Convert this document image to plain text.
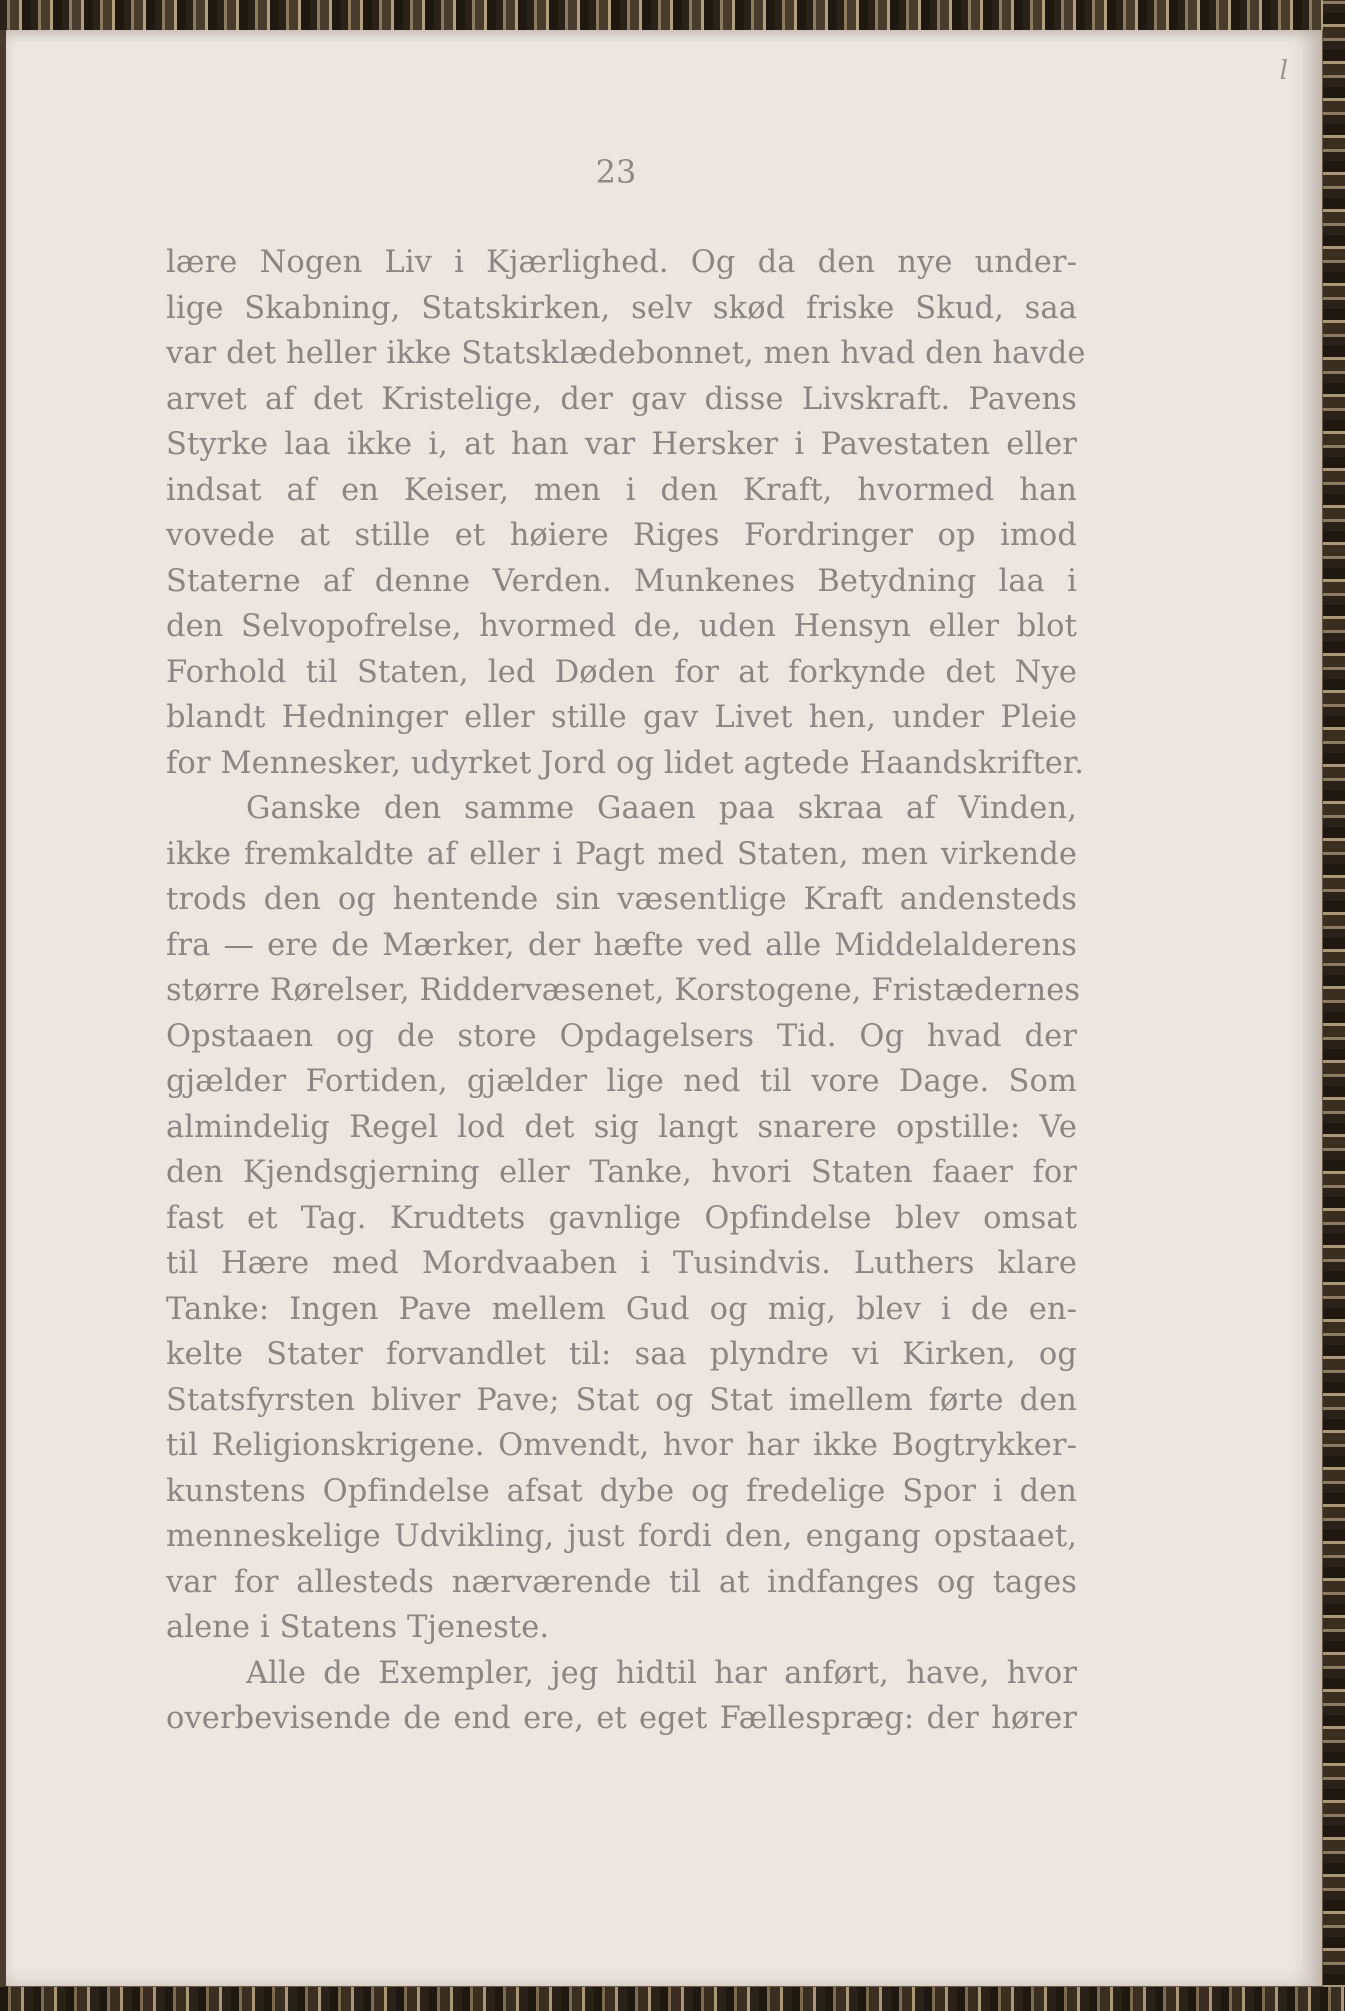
l
23
lære Nogen Liv i Kjærlighed. Og da den nye under-
lige Skabning, Statskirken, selv skød friske Skud, saa
var det heller ikke Statsklædebonnet, men hvad den havde
arvet af det Kristelige, der gav disse Livskraft. Pavens
Styrke laa ikke i, at han var Hersker i Pavestaten eller
indsat af en Keiser, men i den Kraft, hvormed han
vovede at stille et høiere Riges Fordringer op imod
Staterne af denne Verden. Munkenes Betydning laa i
den Selvopofrelse, hvormed de, uden Hensyn eller blot
Forhold til Staten, led Døden for at forkynde det Nye
blandt Hedninger eller stille gav Livet hen, under Pleie
for Mennesker, udyrket Jord og lidet agtede Haandskrifter.
Ganske den samme Gaaen paa skraa af Vinden,
ikke fremkaldte af eller i Pagt med Staten, men virkende
trods den og hentende sin væsentlige Kraft andensteds
fra — ere de Mærker, der hæfte ved alle Middelalderens
større Rørelser, Riddervæsenet, Korstogene, Fristædernes
Opstaaen og de store Opdagelsers Tid. Og hvad der
gjælder Fortiden, gjælder lige ned til vore Dage. Som
almindelig Regel lod det sig langt snarere opstille: Ve
den Kjendsgjerning eller Tanke, hvori Staten faaer for
fast et Tag. Krudtets gavnlige Opfindelse blev omsat
til Hære med Mordvaaben i Tusindvis. Luthers klare
Tanke: Ingen Pave mellem Gud og mig, blev i de en-
kelte Stater forvandlet til: saa plyndre vi Kirken, og
Statsfyrsten bliver Pave; Stat og Stat imellem førte den
til Religionskrigene. Omvendt, hvor har ikke Bogtrykker-
kunstens Opfindelse afsat dybe og fredelige Spor i den
menneskelige Udvikling, just fordi den, engang opstaaet,
var for allesteds nærværende til at indfanges og tages
alene i Statens Tjeneste.
Alle de Exempler, jeg hidtil har anført, have, hvor
overbevisende de end ere, et eget Fællespræg: der hører
